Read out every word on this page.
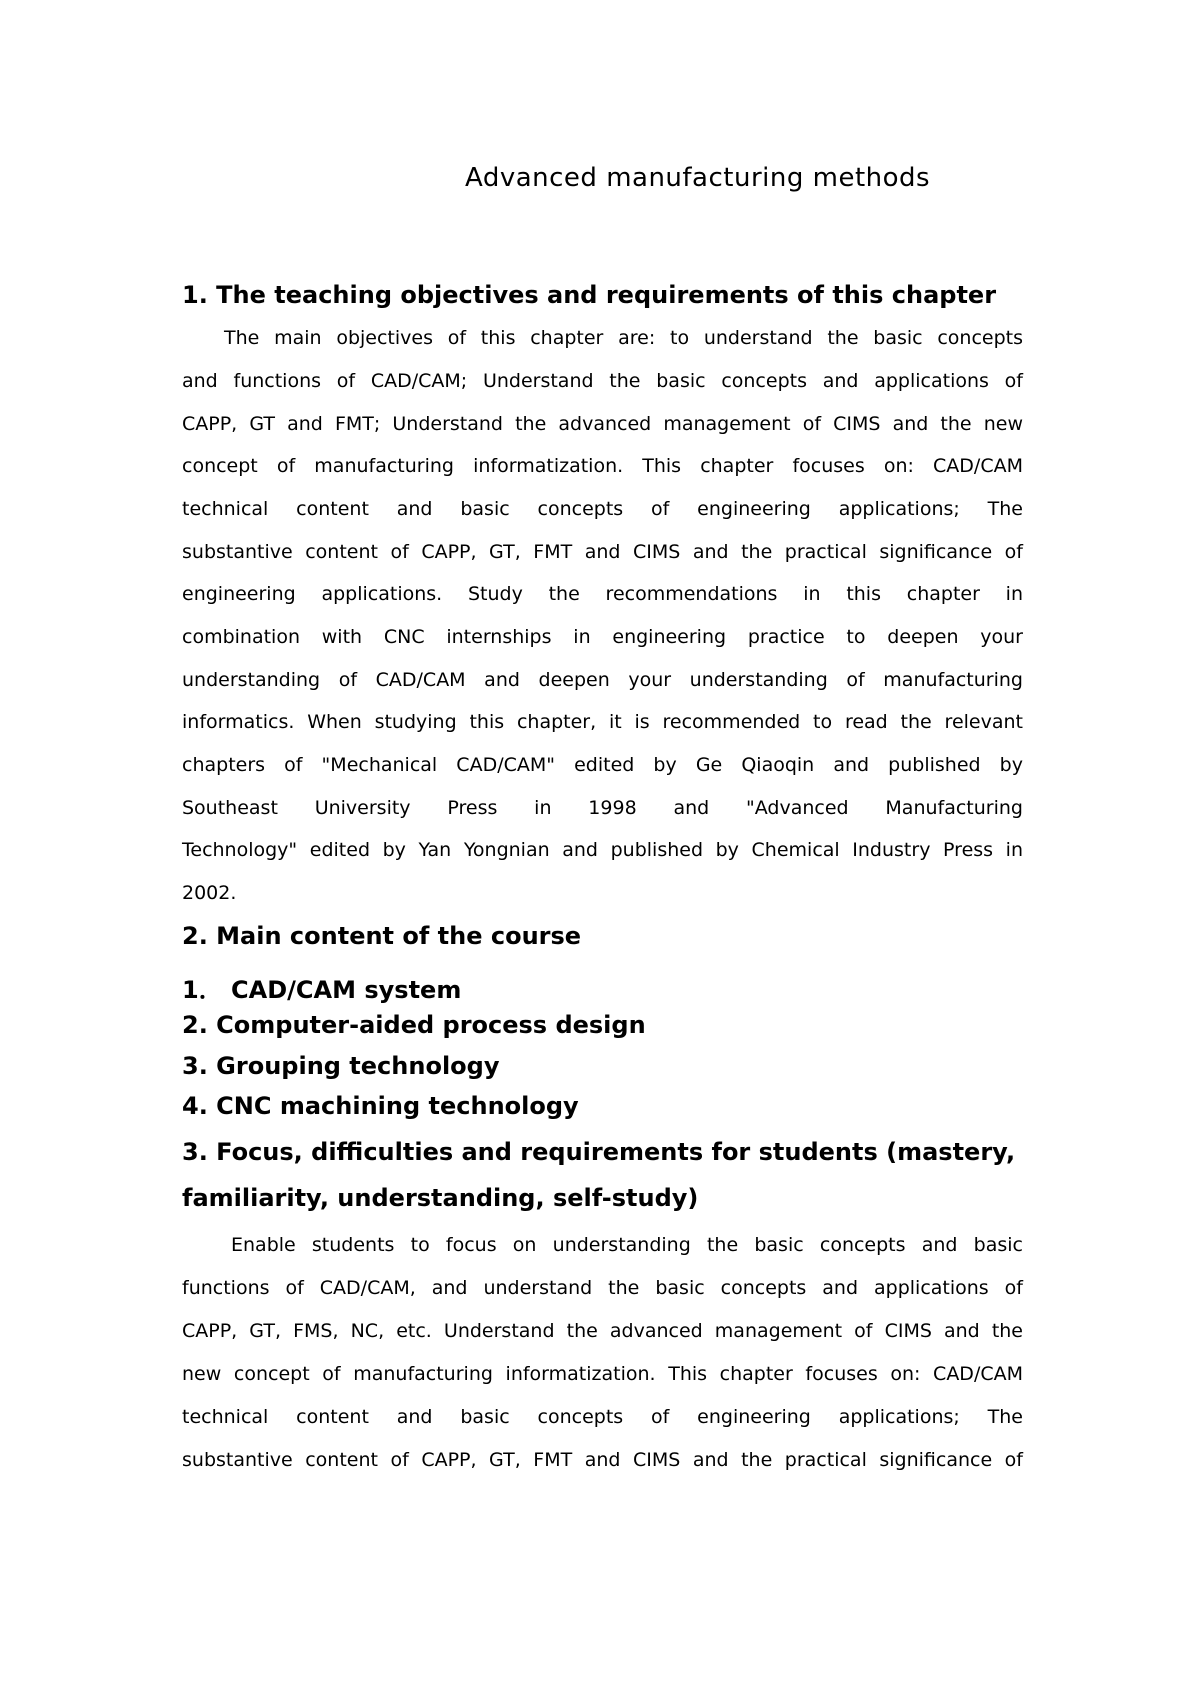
Advanced manufacturing methods
1. The teaching objectives and requirements of this chapter
The main objectives of this chapter are: to understand the basic concepts
and functions of CAD/CAM; Understand the basic concepts and applications of
CAPP, GT and FMT; Understand the advanced management of CIMS and the new
concept of manufacturing informatization. This chapter focuses on: CAD/CAM
technical content and basic concepts of engineering applications; The
substantive content of CAPP, GT, FMT and CIMS and the practical significance of
engineering applications. Study the recommendations in this chapter in
combination with CNC internships in engineering practice to deepen your
understanding of CAD/CAM and deepen your understanding of manufacturing
informatics. When studying this chapter, it is recommended to read the relevant
chapters of "Mechanical CAD/CAM" edited by Ge Qiaoqin and published by
Southeast University Press in 1998 and "Advanced Manufacturing
Technology" edited by Yan Yongnian and published by Chemical Industry Press in
2002.
2. Main content of the course
1． CAD/CAM system
2. Computer-aided process design
3. Grouping technology
4. CNC machining technology
3. Focus, difficulties and requirements for students (mastery,
familiarity, understanding, self-study)
Enable students to focus on understanding the basic concepts and basic
functions of CAD/CAM, and understand the basic concepts and applications of
CAPP, GT, FMS, NC, etc. Understand the advanced management of CIMS and the
new concept of manufacturing informatization. This chapter focuses on: CAD/CAM
technical content and basic concepts of engineering applications; The
substantive content of CAPP, GT, FMT and CIMS and the practical significance of
